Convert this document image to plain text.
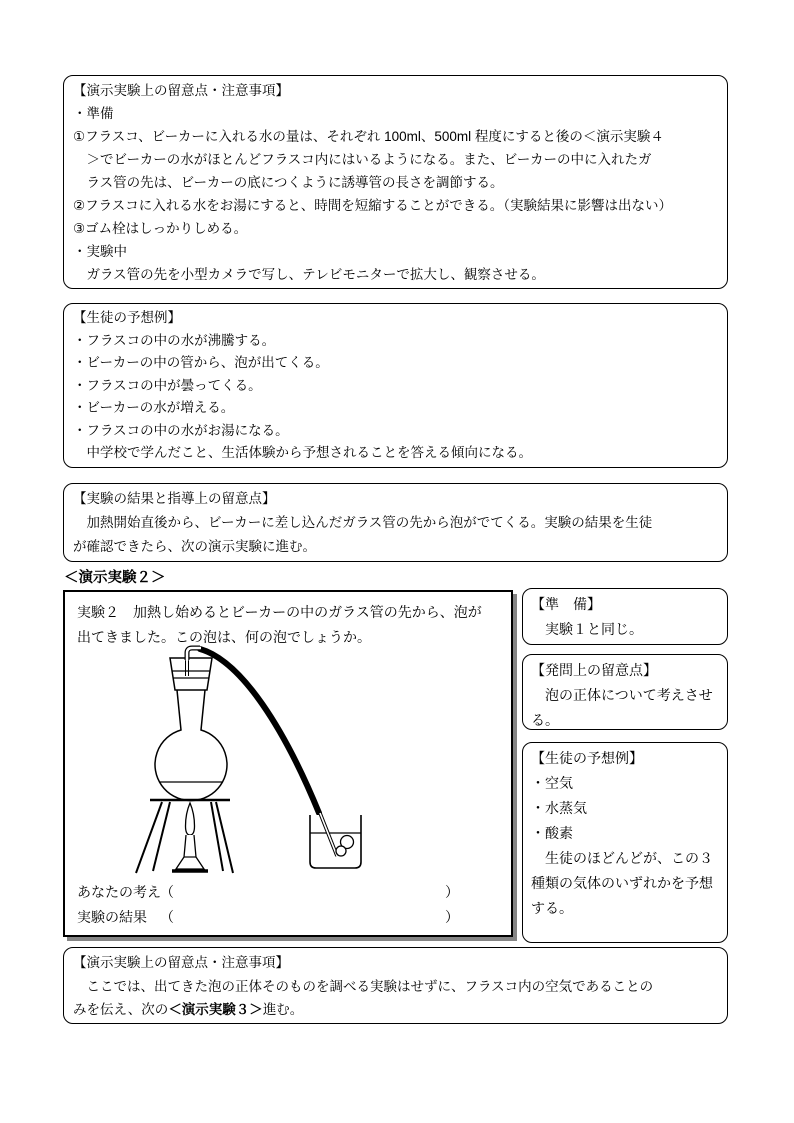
【演示実験上の留意点・注意事項】
・準備
①フラスコ、ビーカーに入れる水の量は、それぞれ 100ml、500ml 程度にすると後の＜演示実験４
　＞でビーカーの水がほとんどフラスコ内にはいるようになる。また、ビーカーの中に入れたガ
　ラス管の先は、ビーカーの底につくように誘導管の長さを調節する。
②フラスコに入れる水をお湯にすると、時間を短縮することができる。（実験結果に影響は出ない）
③ゴム栓はしっかりしめる。
・実験中
　ガラス管の先を小型カメラで写し、テレビモニターで拡大し、観察させる。
【生徒の予想例】
・フラスコの中の水が沸騰する。
・ビーカーの中の管から、泡が出てくる。
・フラスコの中が曇ってくる。
・ビーカーの水が増える。
・フラスコの中の水がお湯になる。
　中学校で学んだこと、生活体験から予想されることを答える傾向になる。
【実験の結果と指導上の留意点】
　加熱開始直後から、ビーカーに差し込んだガラス管の先から泡がでてくる。実験の結果を生徒
が確認できたら、次の演示実験に進む。
＜演示実験２＞
実験２　加熱し始めるとビーカーの中のガラス管の先から、泡が
出てきました。この泡は、何の泡でしょうか。
あなたの考え （	）
実験の結果 （	）
【準　備】
　実験１と同じ。
【発問上の留意点】
　泡の正体について考えさせ
る。
【生徒の予想例】
・空気
・水蒸気
・酸素
　生徒のほどんどが、この３
種類の気体のいずれかを予想
する。
【演示実験上の留意点・注意事項】
　ここでは、出てきた泡の正体そのものを調べる実験はせずに、フラスコ内の空気であることの
みを伝え、次の＜演示実験３＞進む。
